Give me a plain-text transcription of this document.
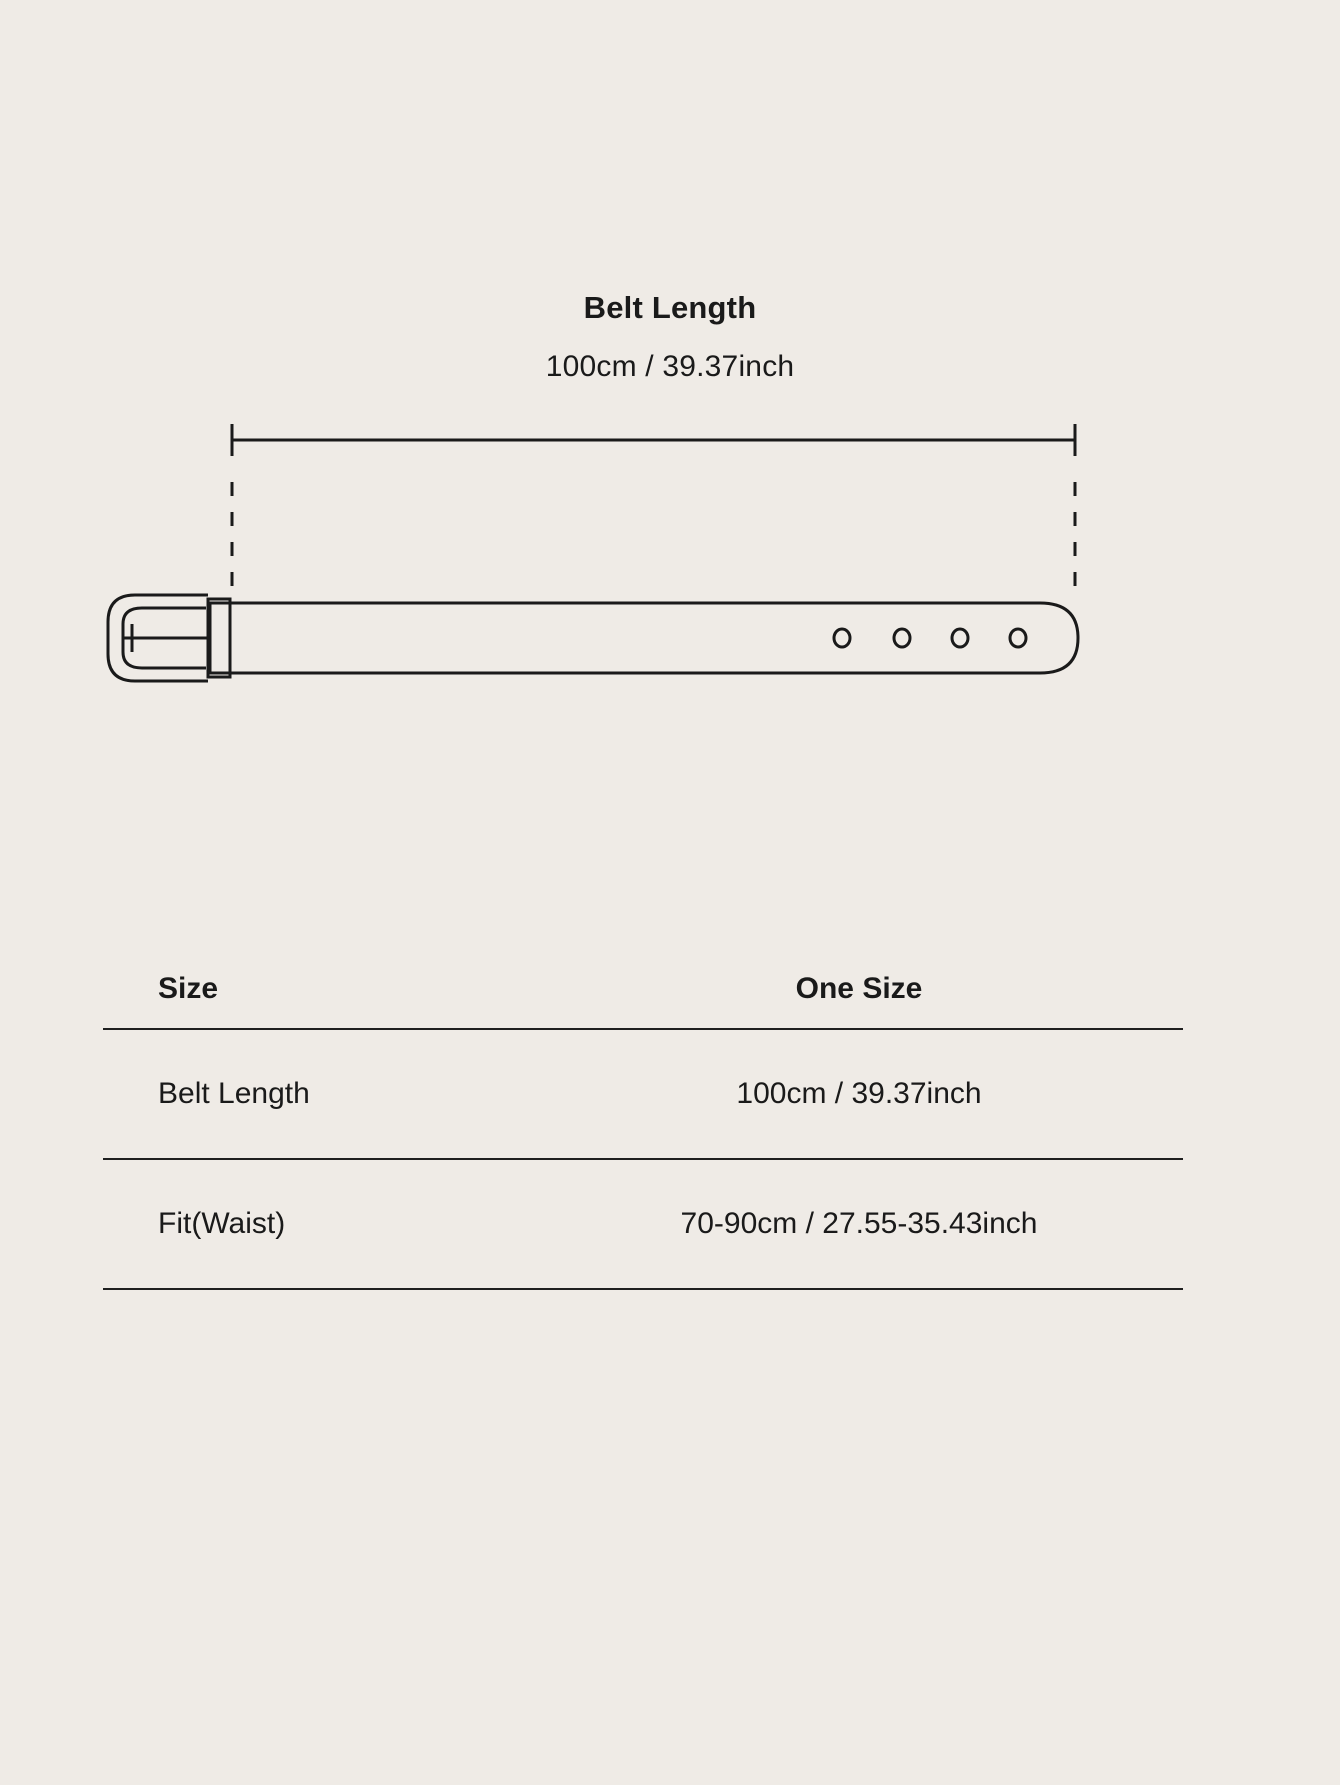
Belt Length
100cm / 39.37inch
Size	One Size
Belt Length	100cm / 39.37inch
Fit(Waist)	70-90cm / 27.55-35.43inch
